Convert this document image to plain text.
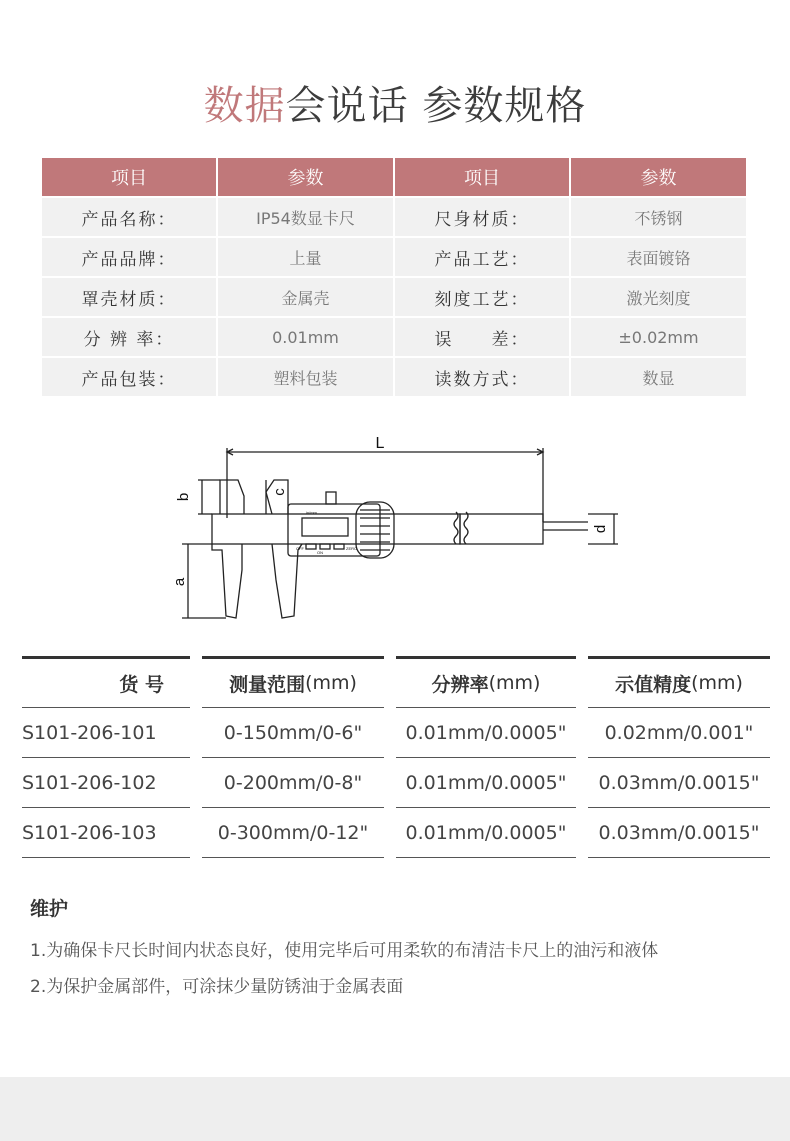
数据会说话 参数规格
项目	参数	项目	参数
产品名称：	IP54数显卡尺	尺身材质：	不锈钢
产品品牌：	上量	产品工艺：	表面镀铬
罩壳材质：	金属壳	刻度工艺：	激光刻度
分 辨 率：	0.01mm	误　　差：	±0.02mm
产品包装：	塑料包装	读数方式：	数显
L
a
b
c
d
in/mm
OFF
ON
ZERO
货 号	测量范围 (mm)	分辨率 (mm)	示值精度 (mm)
S101-206-101	0-150mm/0-6"	0.01mm/0.0005"	0.02mm/0.001"
S101-206-102	0-200mm/0-8"	0.01mm/0.0005"	0.03mm/0.0015"
S101-206-103	0-300mm/0-12"	0.01mm/0.0005"	0.03mm/0.0015"
维护

1.为确保卡尺长时间内状态良好，使用完毕后可用柔软的布清洁卡尺上的油污和液体

2.为保护金属部件，可涂抹少量防锈油于金属表面
